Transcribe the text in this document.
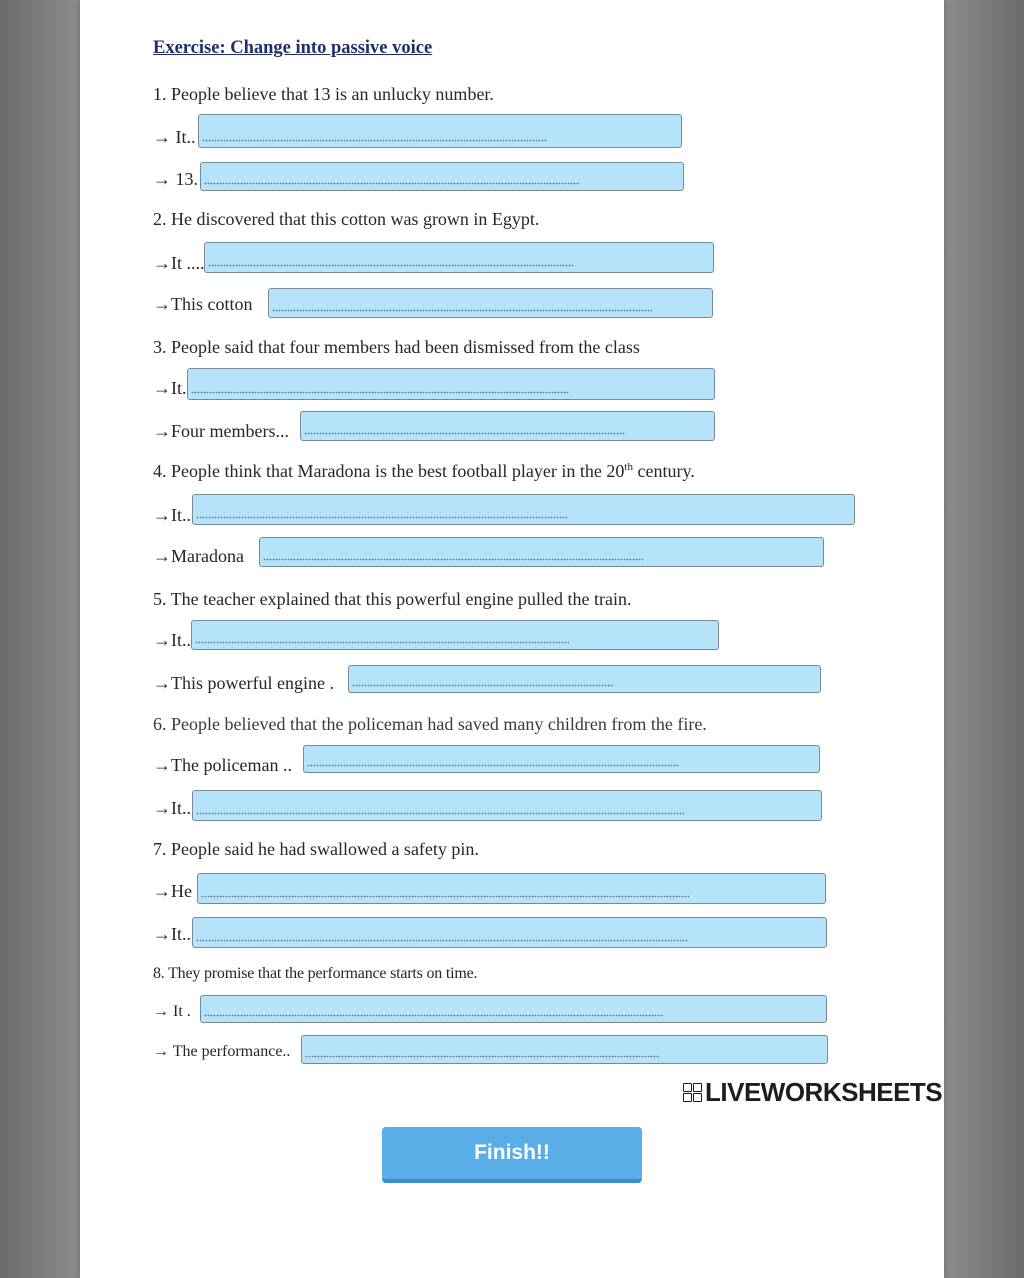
Exercise: Change into passive voice
1. People believe that 13 is an unlucky number.
→ It..
→ 13.
2. He discovered that this cotton was grown in Egypt.
→It ....
→This cotton
3. People said that four members had been dismissed from the class
→It.
→Four members...
4. People think that Maradona is the best football player in the 20th century.
→It..
→Maradona
5. The teacher explained that this powerful engine pulled the train.
→It..
→This powerful engine .
6. People believed that the policeman had saved many children from the fire.
→The policeman ..
→It..
7. People said he had swallowed a safety pin.
→He
→It..
8. They promise that the performance starts on time.
→ It .
→ The performance..
LIVEWORKSHEETS
Finish!!
